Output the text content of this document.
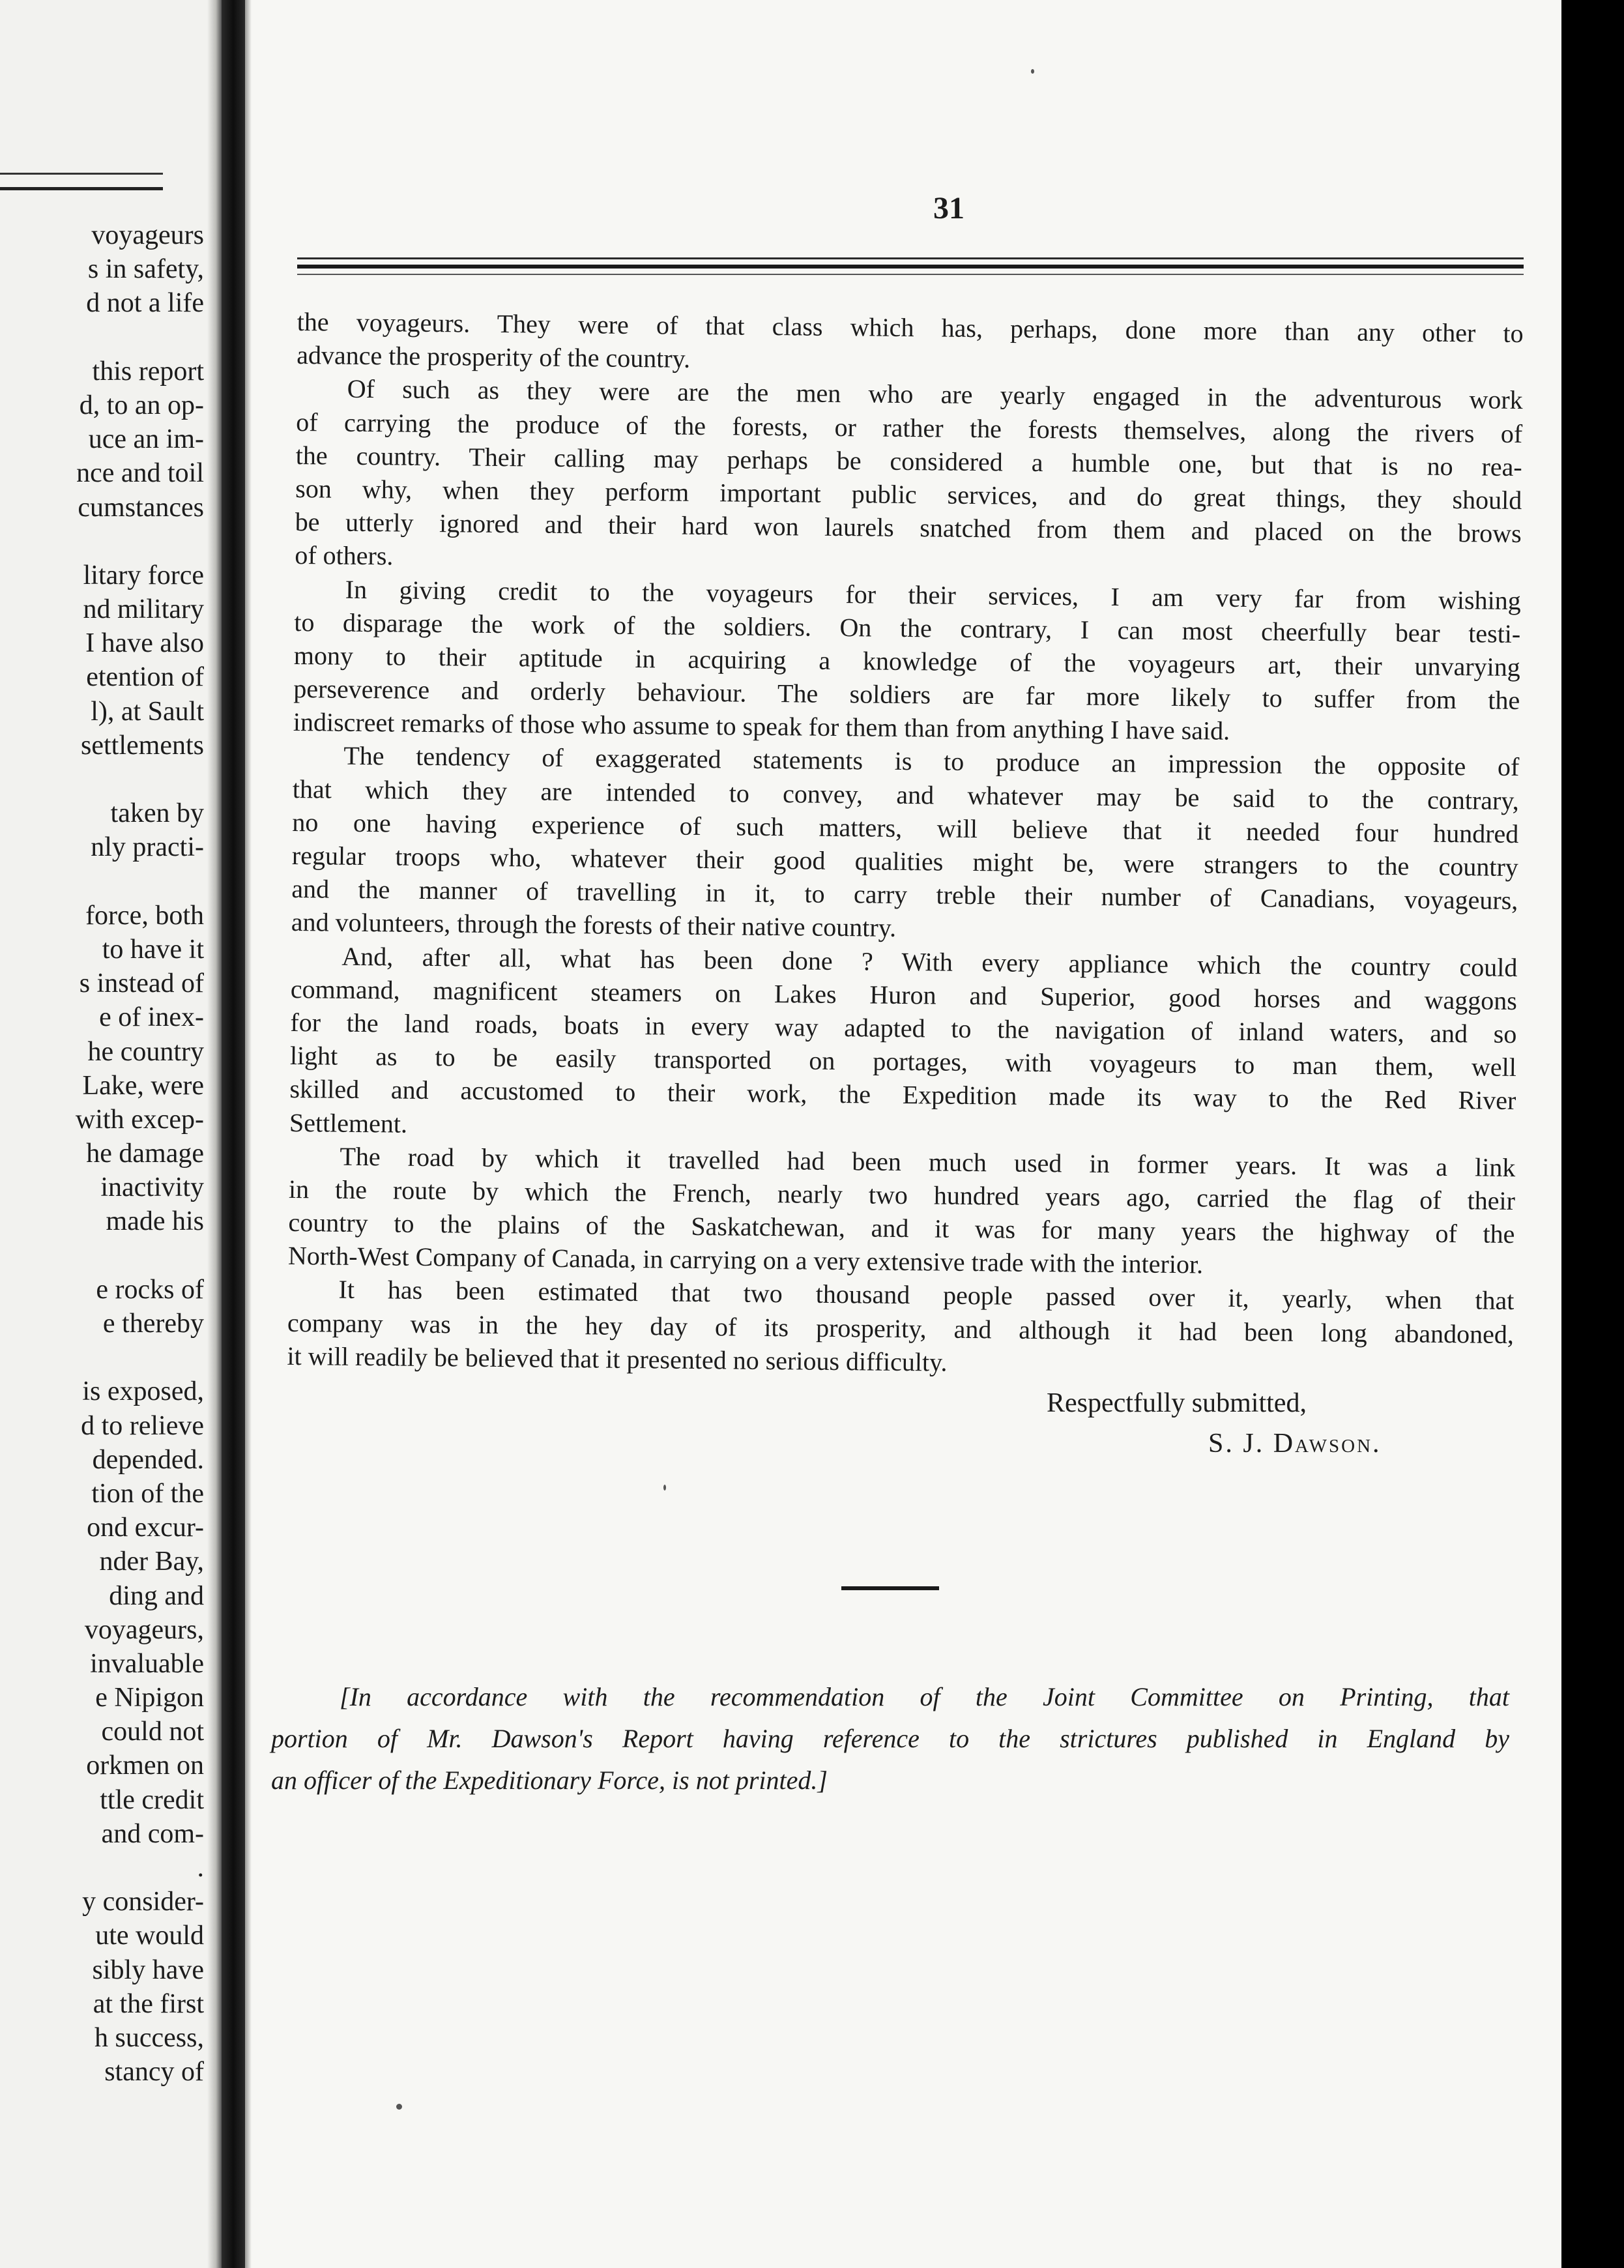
voyageurs
s in safety,
d not a life
this report
d, to an op-
uce an im-
nce and toil
cumstances
litary force
nd military
I have also
etention of
l), at Sault
settlements
taken by
nly practi-
force, both
to have it
s instead of
e of inex-
he country
Lake, were
with excep-
he damage
inactivity
made his
e rocks of
e thereby
is exposed,
d to relieve
depended.
tion of the
ond excur-
nder Bay,
ding and
voyageurs,
invaluable
e Nipigon
could not
orkmen on
ttle credit
and com-
.
y consider-
ute would
sibly have
at the first
h success,
stancy of
31
the voyageurs. They were of that class which has, perhaps, done more than any other to
advance the prosperity of the country.
Of such as they were are the men who are yearly engaged in the adventurous work
of carrying the produce of the forests, or rather the forests themselves, along the rivers of
the country. Their calling may perhaps be considered a humble one, but that is no rea-
son why, when they perform important public services, and do great things, they should
be utterly ignored and their hard won laurels snatched from them and placed on the brows
of others.
In giving credit to the voyageurs for their services, I am very far from wishing
to disparage the work of the soldiers. On the contrary, I can most cheerfully bear testi-
mony to their aptitude in acquiring a knowledge of the voyageurs art, their unvarying
perseverence and orderly behaviour. The soldiers are far more likely to suffer from the
indiscreet remarks of those who assume to speak for them than from anything I have said.
The tendency of exaggerated statements is to produce an impression the opposite of
that which they are intended to convey, and whatever may be said to the contrary,
no one having experience of such matters, will believe that it needed four hundred
regular troops who, whatever their good qualities might be, were strangers to the country
and the manner of travelling in it, to carry treble their number of Canadians, voyageurs,
and volunteers, through the forests of their native country.
And, after all, what has been done ? With every appliance which the country could
command, magnificent steamers on Lakes Huron and Superior, good horses and waggons
for the land roads, boats in every way adapted to the navigation of inland waters, and so
light as to be easily transported on portages, with voyageurs to man them, well
skilled and accustomed to their work, the Expedition made its way to the Red River
Settlement.
The road by which it travelled had been much used in former years. It was a link
in the route by which the French, nearly two hundred years ago, carried the flag of their
country to the plains of the Saskatchewan, and it was for many years the highway of the
North-West Company of Canada, in carrying on a very extensive trade with the interior.
It has been estimated that two thousand people passed over it, yearly, when that
company was in the hey day of its prosperity, and although it had been long abandoned,
it will readily be believed that it presented no serious difficulty.
Respectfully submitted,
S. J. Dawson.
[In accordance with the recommendation of the Joint Committee on Printing, that
portion of Mr. Dawson's Report having reference to the strictures published in England by
an officer of the Expeditionary Force, is not printed.]
